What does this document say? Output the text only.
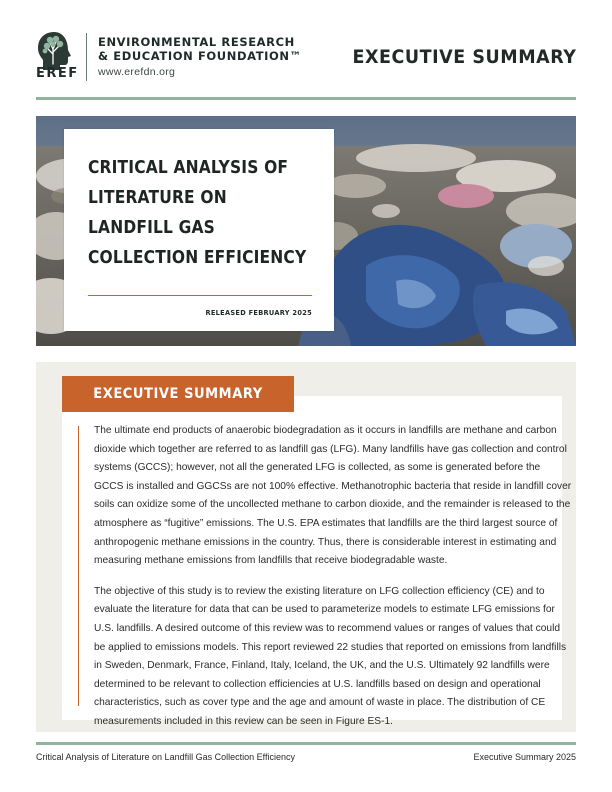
EREF
ENVIRONMENTAL RESEARCH
& EDUCATION FOUNDATION™
www.erefdn.org
EXECUTIVE SUMMARY
CRITICAL ANALYSIS OF
LITERATURE ON
LANDFILL GAS
COLLECTION EFFICIENCY
RELEASED FEBRUARY 2025
EXECUTIVE SUMMARY

The ultimate end products of anaerobic biodegradation as it occurs in landfills are methane and carbon dioxide which together are referred to as landfill gas (LFG). Many landfills have gas collection and control systems (GCCS); however, not all the generated LFG is collected, as some is generated before the GCCS is installed and GGCSs are not 100% effective. Methanotrophic bacteria that reside in landfill cover soils can oxidize some of the uncollected methane to carbon dioxide, and the remainder is released to the atmosphere as “fugitive” emissions. The U.S. EPA estimates that landfills are the third largest source of anthropogenic methane emissions in the country. Thus, there is considerable interest in estimating and measuring methane emissions from landfills that receive biodegradable waste.

The objective of this study is to review the existing literature on LFG collection efficiency (CE) and to evaluate the literature for data that can be used to parameterize models to estimate LFG emissions for U.S. landfills. A desired outcome of this review was to recommend values or ranges of values that could be applied to emissions models. This report reviewed 22 studies that reported on emissions from landfills in Sweden, Denmark, France, Finland, Italy, Iceland, the UK, and the U.S. Ultimately 92 landfills were determined to be relevant to collection efficiencies at U.S. landfills based on design and operational characteristics, such as cover type and the age and amount of waste in place. The distribution of CE measurements included in this review can be seen in Figure ES-1.

Critical Analysis of Literature on Landfill Gas Collection Efficiency	Executive Summary 2025
